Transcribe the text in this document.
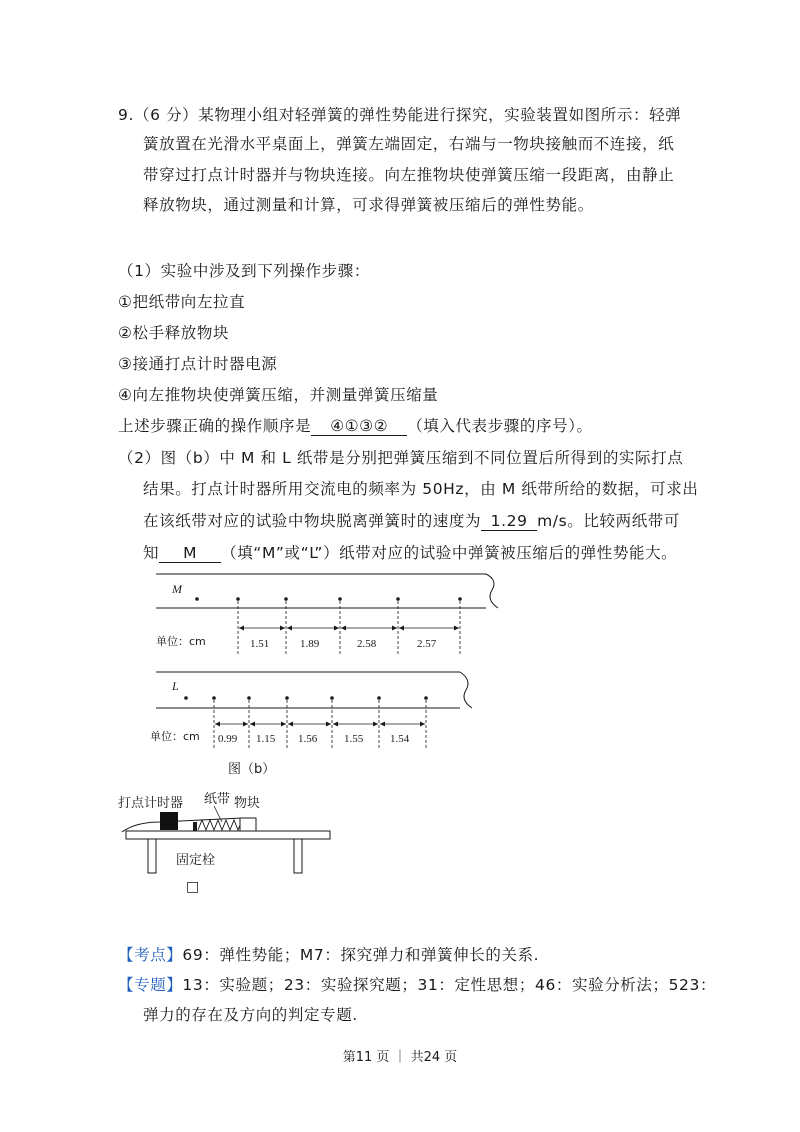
9.（6 分）某物理小组对轻弹簧的弹性势能进行探究，实验装置如图所示：轻弹
簧放置在光滑水平桌面上，弹簧左端固定，右端与一物块接触而不连接，纸
带穿过打点计时器并与物块连接。向左推物块使弹簧压缩一段距离，由静止
释放物块，通过测量和计算，可求得弹簧被压缩后的弹性势能。
（1）实验中涉及到下列操作步骤：
①把纸带向左拉直
②松手释放物块
③接通打点计时器电源
④向左推物块使弹簧压缩，并测量弹簧压缩量
上述步骤正确的操作顺序是 ④①③② （填入代表步骤的序号）。
（2）图（b）中 M 和 L 纸带是分别把弹簧压缩到不同位置后所得到的实际打点
结果。打点计时器所用交流电的频率为 50Hz，由 M 纸带所给的数据，可求出
在该纸带对应的试验中物块脱离弹簧时的速度为 1.29 m/s。比较两纸带可
知 M （填“M”或“L”）纸带对应的试验中弹簧被压缩后的弹性势能大。
M
单位：cm	1.51	1.89	2.58	2.57
L
单位：cm 0.99 1.15 1.56 1.55 1.54
图（b）
打点计时器 纸带 物块
固定栓
□
【考点】69：弹性势能；M7：探究弹力和弹簧伸长的关系.
【专题】13：实验题；23：实验探究题；31：定性思想；46：实验分析法；523：
弹力的存在及方向的判定专题.
第11 页 ｜ 共24 页
